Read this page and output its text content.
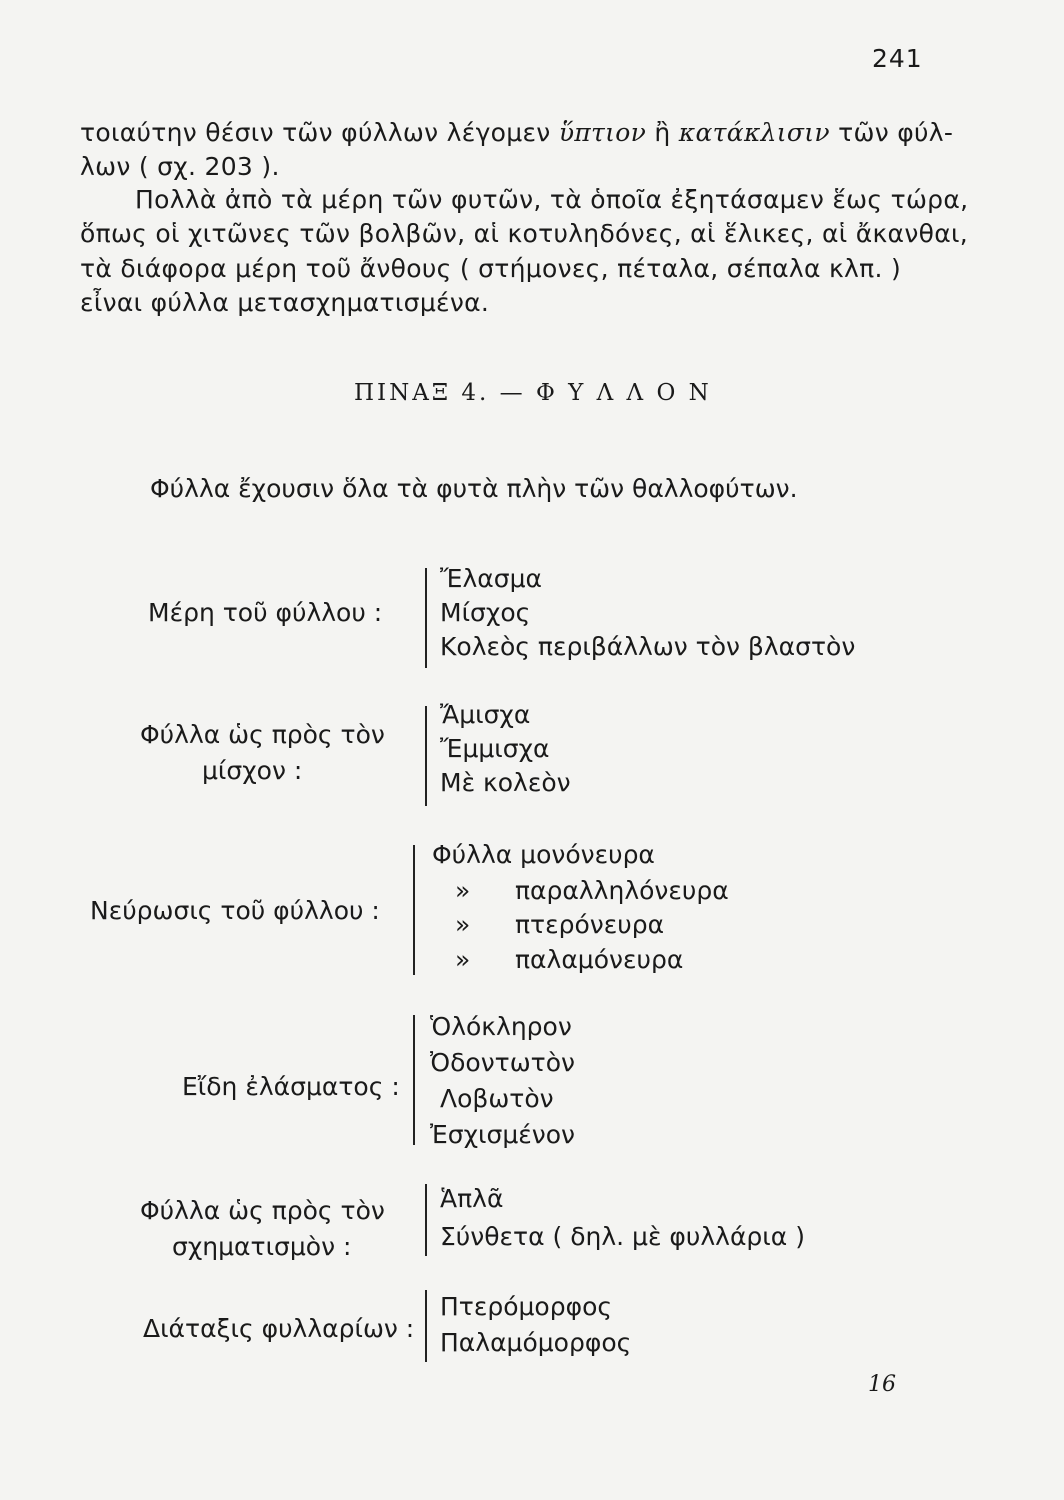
241
τοιαύτην θέσιν τῶν φύλλων λέγομεν ὕπτιον ἢ κατάκλισιν τῶν φύλ-
λων ( σχ. 203 ).
Πολλὰ ἀπὸ τὰ μέρη τῶν φυτῶν, τὰ ὁποῖα ἐξητάσαμεν ἕως τώρα,
ὅπως οἱ χιτῶνες τῶν βολβῶν, αἱ κοτυληδόνες, αἱ ἕλικες, αἱ ἄκανθαι,
τὰ διάφορα μέρη τοῦ ἄνθους ( στήμονες, πέταλα, σέπαλα κλπ. )
εἶναι φύλλα μετασχηματισμένα.
ΠΙΝΑΞ 4. — Φ Υ Λ Λ Ο Ν
Φύλλα ἔχουσιν ὅλα τὰ φυτὰ πλὴν τῶν θαλλοφύτων.
Μέρη τοῦ φύλλου :
Ἔλασμα
Μίσχος
Κολεὸς περιβάλλων τὸν βλαστὸν
Φύλλα ὡς πρὸς τὸν
μίσχον :
Ἄμισχα
Ἔμμισχα
Μὲ κολεὸν
Νεύρωσις τοῦ φύλλου :
Φύλλα μονόνευρα
» παραλληλόνευρα
» πτερόνευρα
» παλαμόνευρα
Εἴδη ἐλάσματος :
Ὁλόκληρον
Ὀδοντωτὸν
Λοβωτὸν
Ἐσχισμένον
Φύλλα ὡς πρὸς τὸν
σχηματισμὸν :
Ἁπλᾶ
Σύνθετα ( δηλ. μὲ φυλλάρια )
Διάταξις φυλλαρίων :
Πτερόμορφος
Παλαμόμορφος
16
